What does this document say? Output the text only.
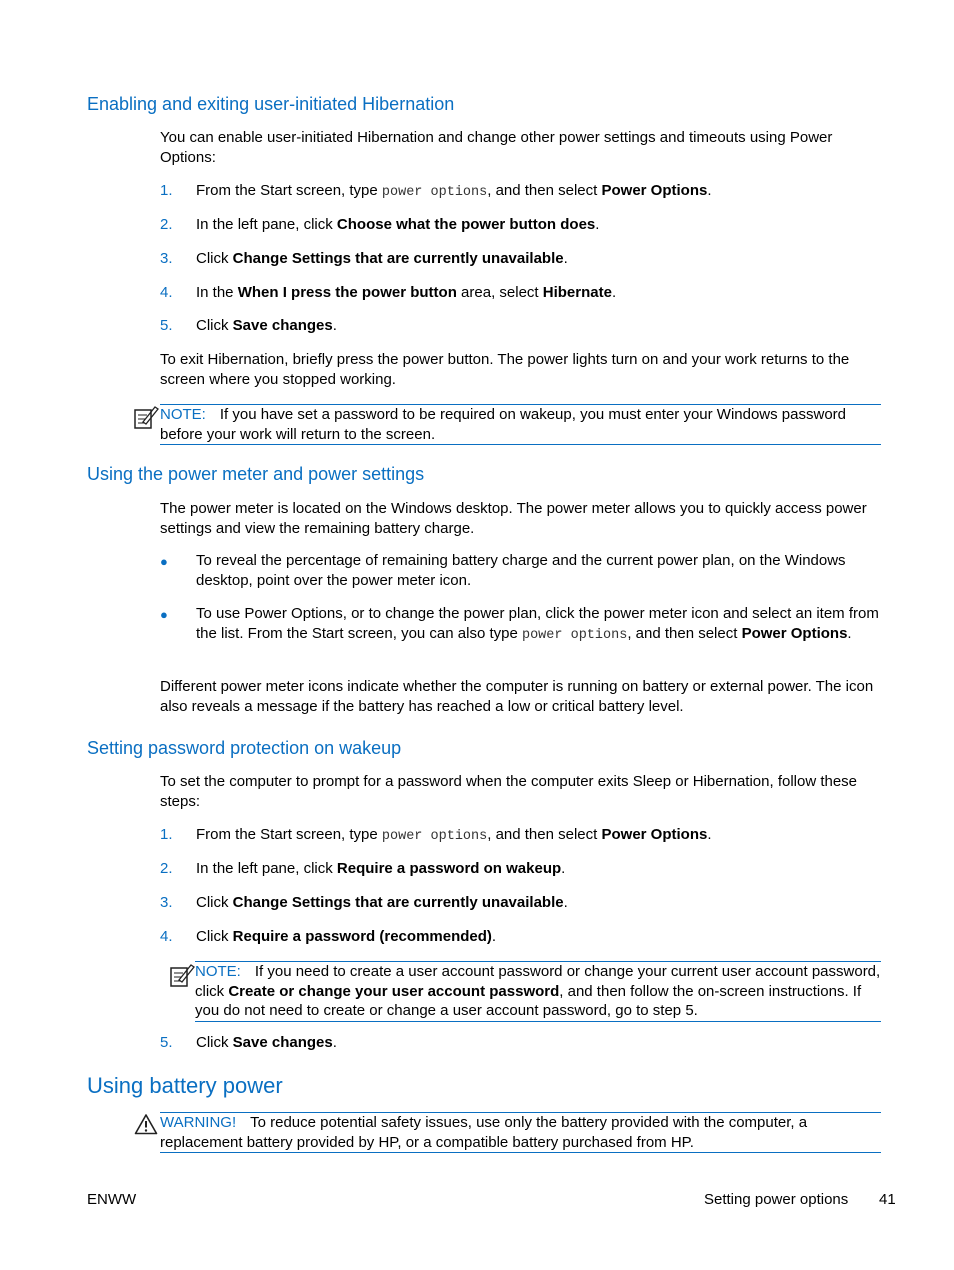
Enabling and exiting user-initiated Hibernation

You can enable user-initiated Hibernation and change other power settings and timeouts using Power Options:

1. From the Start screen, type power options, and then select Power Options.
2. In the left pane, click Choose what the power button does.
3. Click Change Settings that are currently unavailable.
4. In the When I press the power button area, select Hibernate.
5. Click Save changes.

To exit Hibernation, briefly press the power button. The power lights turn on and your work returns to the screen where you stopped working.

NOTE: If you have set a password to be required on wakeup, you must enter your Windows password before your work will return to the screen.
Using the power meter and power settings

The power meter is located on the Windows desktop. The power meter allows you to quickly access power settings and view the remaining battery charge.

● To reveal the percentage of remaining battery charge and the current power plan, on the Windows desktop, point over the power meter icon.
● To use Power Options, or to change the power plan, click the power meter icon and select an item from the list. From the Start screen, you can also type power options, and then select Power Options.

Different power meter icons indicate whether the computer is running on battery or external power. The icon also reveals a message if the battery has reached a low or critical battery level.

Setting password protection on wakeup

To set the computer to prompt for a password when the computer exits Sleep or Hibernation, follow these steps:

1. From the Start screen, type power options, and then select Power Options.
2. In the left pane, click Require a password on wakeup.
3. Click Change Settings that are currently unavailable.
4. Click Require a password (recommended).
NOTE: If you need to create a user account password or change your current user account password, click Create or change your user account password, and then follow the on-screen instructions. If you do not need to create or change a user account password, go to step 5.
5. Click Save changes.
Using battery power
WARNING! To reduce potential safety issues, use only the battery provided with the computer, a replacement battery provided by HP, or a compatible battery purchased from HP.
ENWW	Setting power options 41
